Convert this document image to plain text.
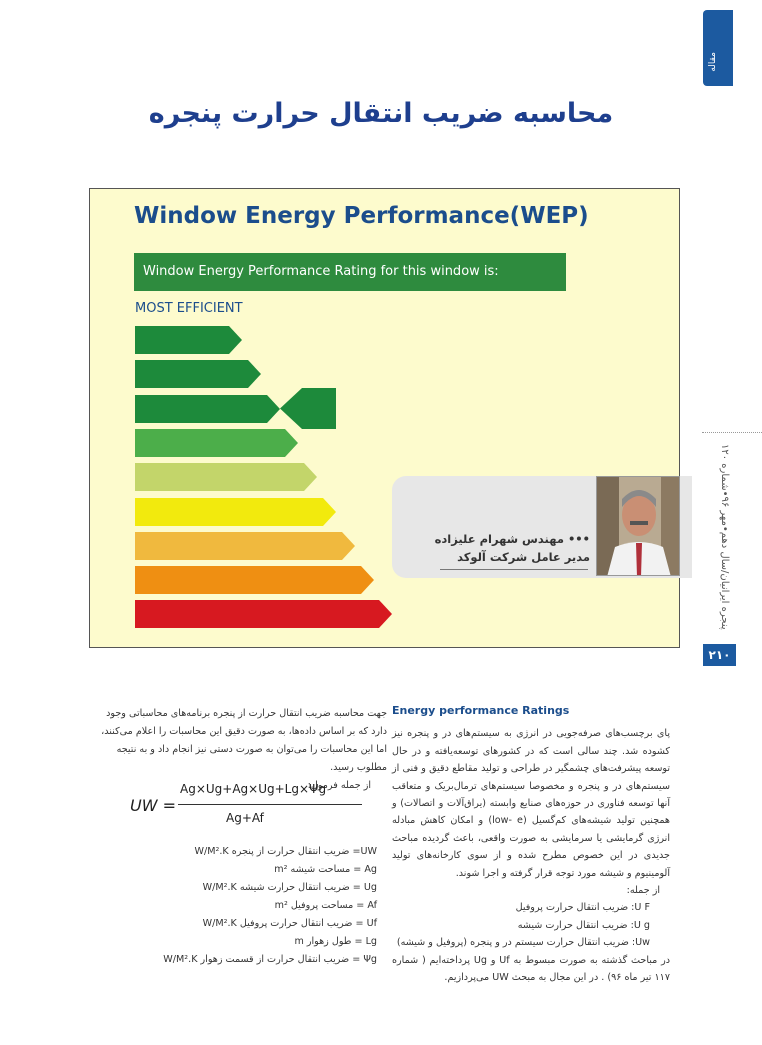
مقاله
محاسبه ضریب انتقال حرارت پنجره
Window Energy Performance(WEP)
Window Energy Performance Rating for this window is:
MOST EFFICIENT
••• مهندس شهرام علیزاده
مدیر عامل شرکت آلوکد
پنجره ایرانیان/سال دهم•مهر ۹۶•شماره ۱۲۰
۲۱۰
جهت محاسبه ضریب انتقال حرارت از پنجره برنامه‌های محاسباتی وجود دارد که بر اساس داده‌ها، به صورت دقیق این محاسبات را اعلام می‌کنند، اما این محاسبات را می‌توان به صورت دستی نیز انجام داد و به نتیجه مطلوب رسید.
از جمله فرمول:
UW =
Ag×Ug+Ag×Ug+Lg×Ψg
Ag+Af
UW= ضریب انتقال حرارت از پنجره W/M².K
Ag = مساحت شیشه m²
Ug = ضریب انتقال حرارت شیشه W/M².K
Af = مساحت پروفیل m²
Uf = ضریب انتقال حرارت پروفیل W/M².K
Lg = طول زهوار m
Ψg = ضریب انتقال حرارت از قسمت زهوار W/M².K
Energy performance Ratings

پای برچسب‌های صرفه‌جویی در انرژی به سیستم‌های در و پنجره نیز کشوده شد. چند سالی است که در کشورهای توسعه‌یافته و در حال توسعه پیشرفت‌های چشمگیر در طراحی و تولید مقاطع دقیق و فنی از سیستم‌های در و پنجره و مخصوصا سیستم‌های ترمال‌بریک و متعاقب آنها توسعه فناوری در حوزه‌های صنایع وابسته (یراق‌آلات و اتصالات) و همچنین تولید شیشه‌های کم‌گسیل (low- e) و امکان کاهش مبادله انرژی گرمایشی یا سرمایشی به صورت واقعی، باعث گردیده مباحث جدیدی در این خصوص مطرح شده و از سوی کارخانه‌های تولید آلومینیوم و شیشه مورد توجه قرار گرفته و اجرا شوند.

از جمله:
U F: ضریب انتقال حرارت پروفیل
U g: ضریب انتقال حرارت شیشه
Uw: ضریب انتقال حرارت سیستم در و پنجره (پروفیل و شیشه)

در مباحث گذشته به صورت مبسوط به Uf و Ug پرداخته‌ایم ( شماره ۱۱۷ تیر ماه ۹۶) . در این مجال به مبحث UW می‌پردازیم.
